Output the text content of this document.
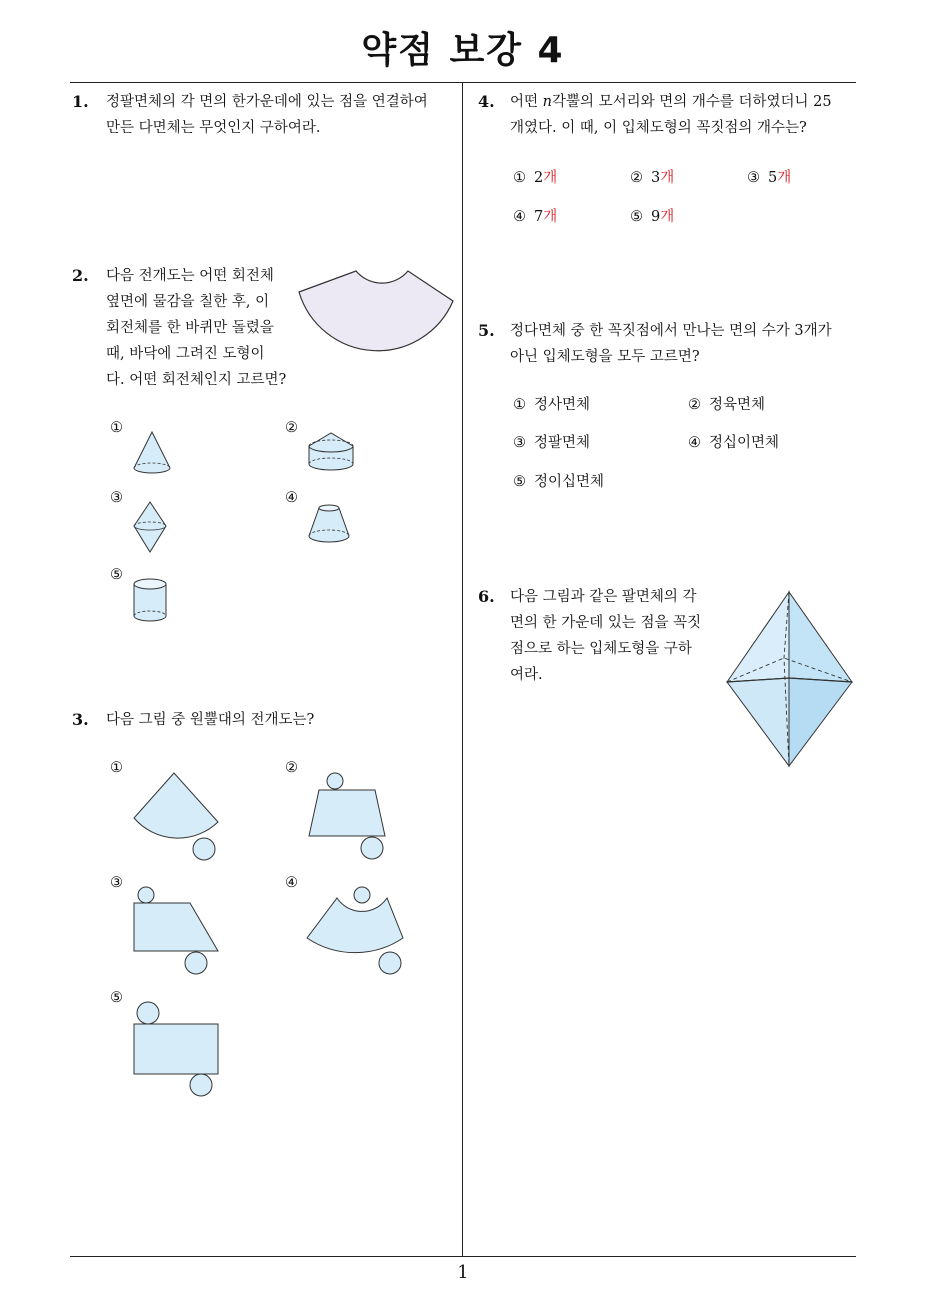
약점 보강 4
1. 정팔면체의 각 면의 한가운데에 있는 점을 연결하여

만든 다면체는 무엇인지 구하여라.

2. 다음 전개도는 어떤 회전체

옆면에 물감을 칠한 후, 이

회전체를 한 바퀴만 돌렸을

때, 바닥에 그려진 도형이

다. 어떤 회전체인지 고르면?

①	②
③	④
⑤
3. 다음 그림 중 원뿔대의 전개도는?

①	②
③	④
⑤
4. 어떤 n각뿔의 모서리와 면의 개수를 더하였더니 25

개였다. 이 때, 이 입체도형의 꼭짓점의 개수는?

① 2개	② 3개	③ 5개
④ 7개	⑤ 9개
5. 정다면체 중 한 꼭짓점에서 만나는 면의 수가 3개가

아닌 입체도형을 모두 고르면?

① 정사면체	② 정육면체
③ 정팔면체	④ 정십이면체
⑤ 정이십면체
6. 다음 그림과 같은 팔면체의 각

면의 한 가운데 있는 점을 꼭짓

점으로 하는 입체도형을 구하

여라.

1
